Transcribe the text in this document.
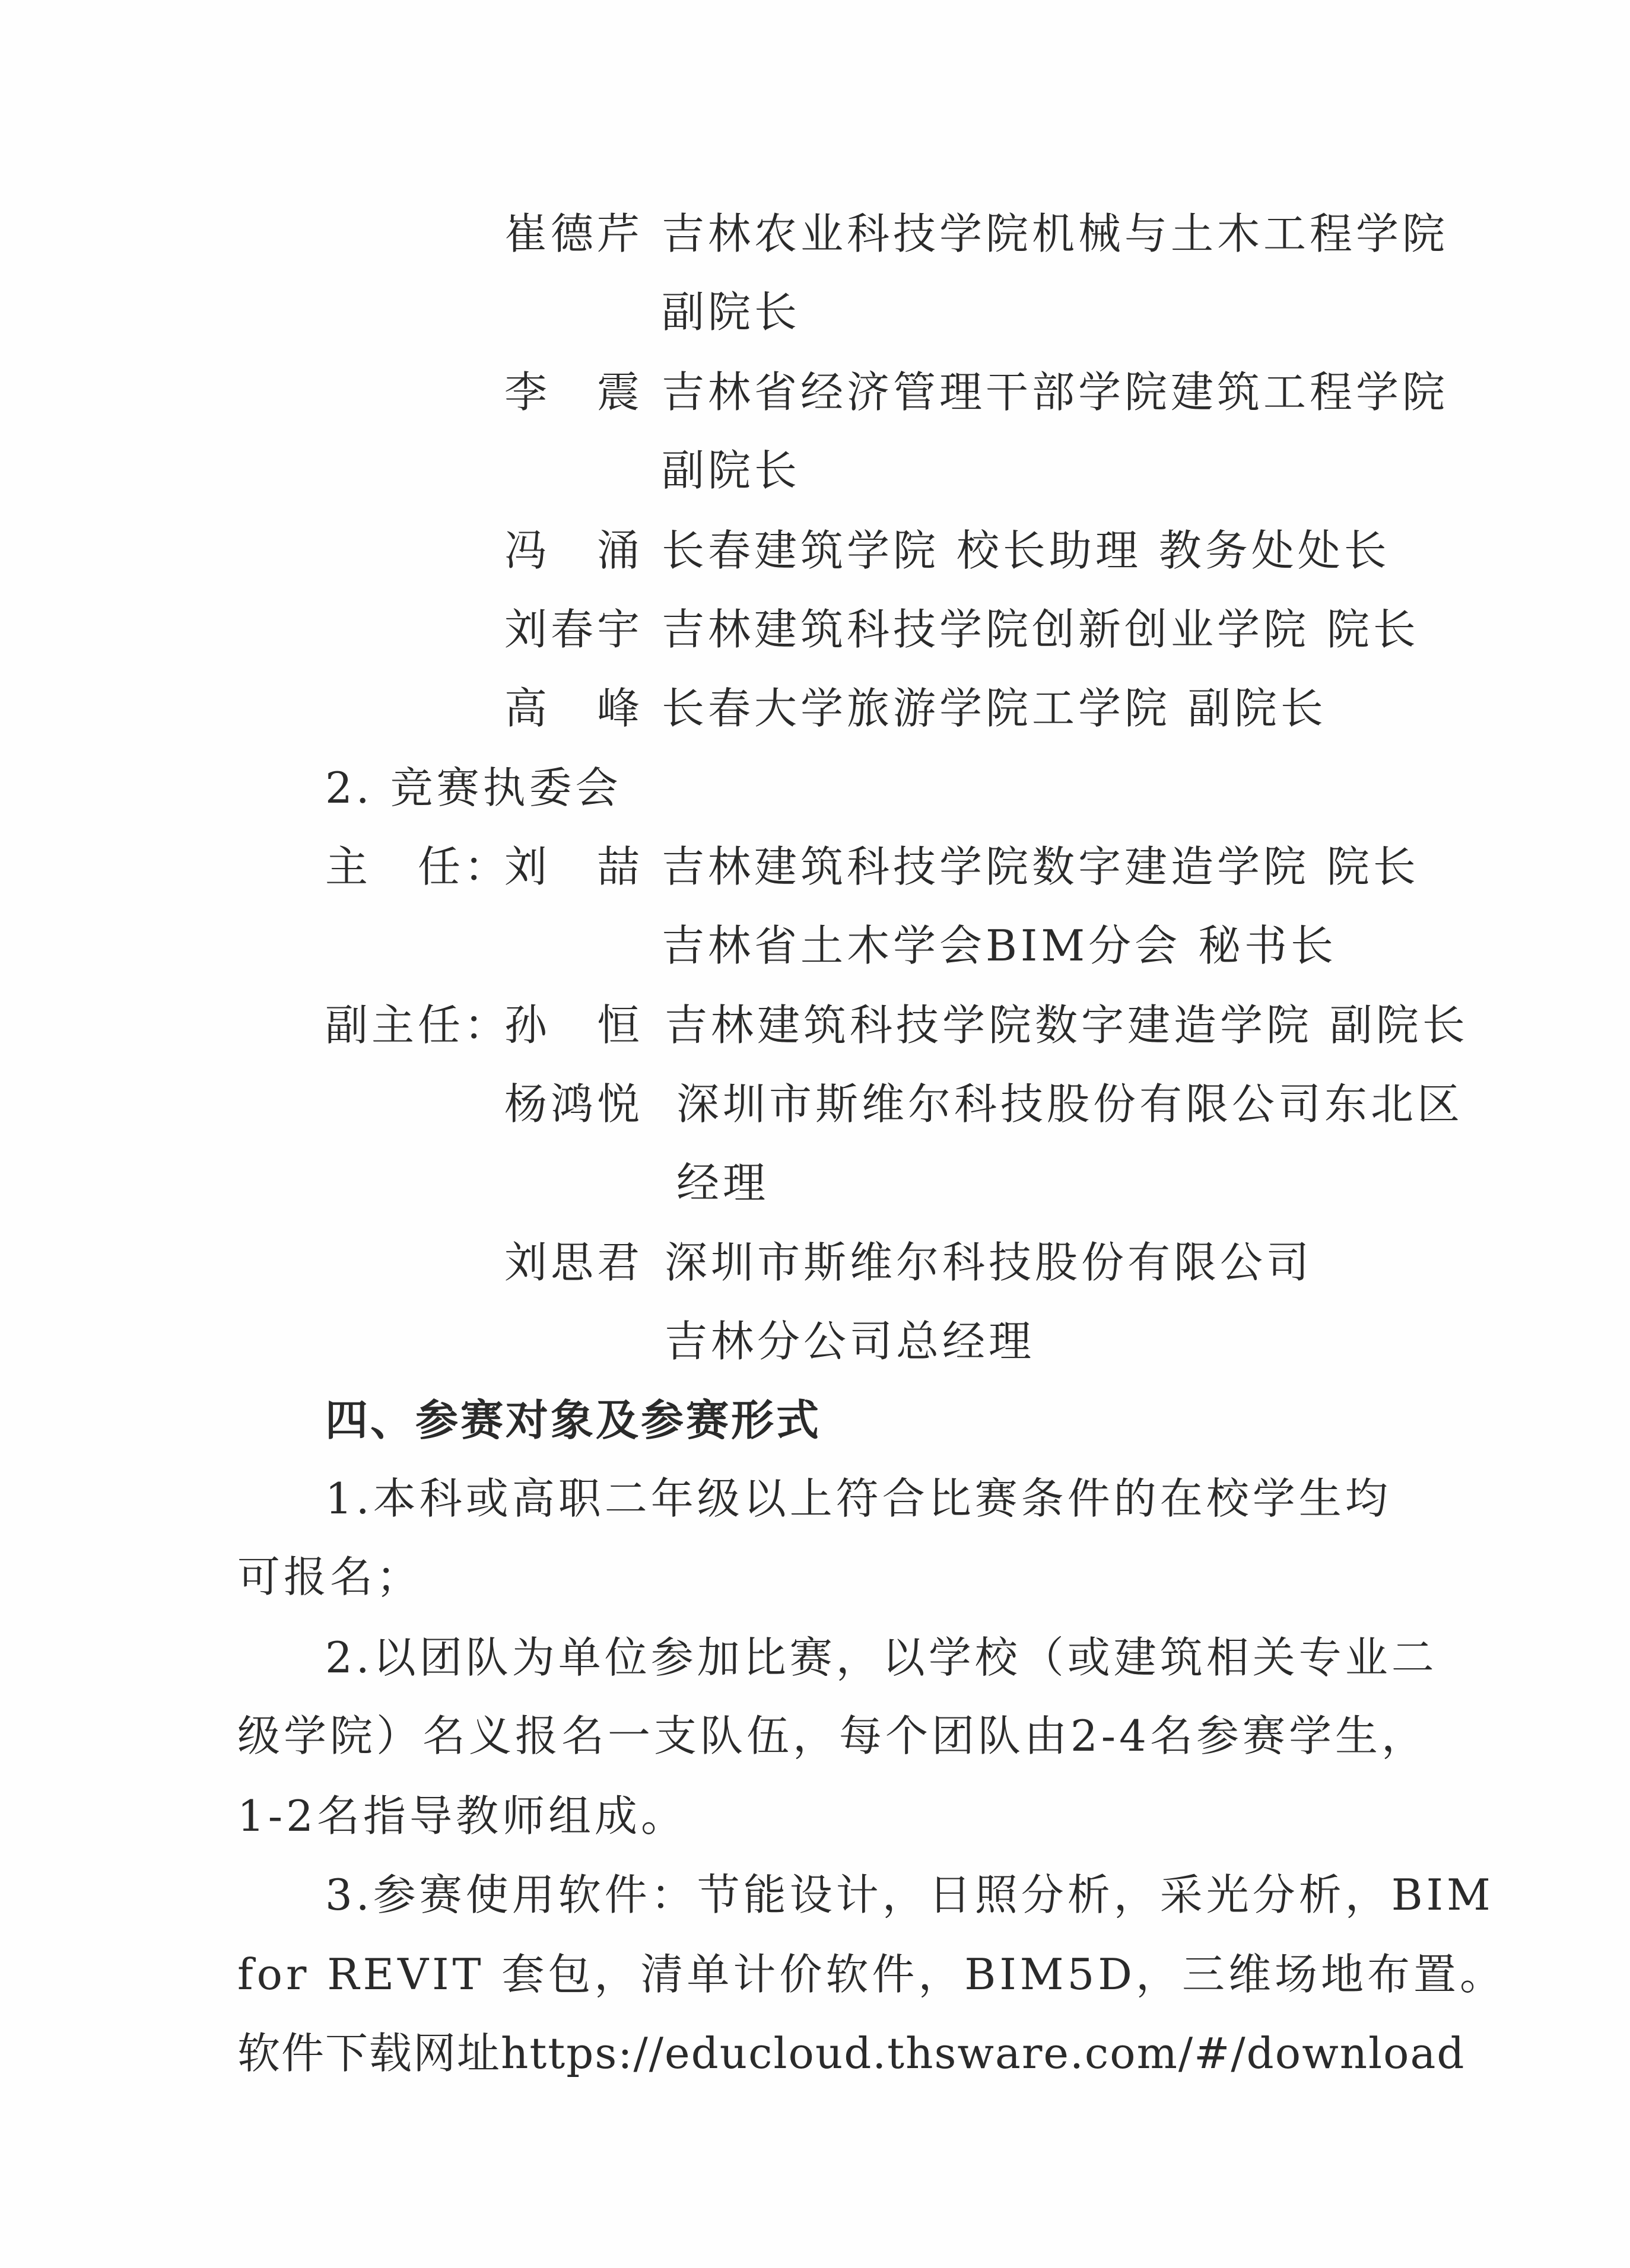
崔德芹 吉林农业科技学院机械与土木工程学院
副院长
李　震 吉林省经济管理干部学院建筑工程学院
副院长
冯　涌 长春建筑学院 校长助理 教务处处长
刘春宇 吉林建筑科技学院创新创业学院 院长
高　峰 长春大学旅游学院工学院 副院长
2. 竞赛执委会
主　任：
刘　喆 吉林建筑科技学院数字建造学院 院长
吉林省土木学会BIM分会 秘书长
副主任：
孙　恒 吉林建筑科技学院数字建造学院 副院长
杨鸿悦 深圳市斯维尔科技股份有限公司东北区
经理
刘思君 深圳市斯维尔科技股份有限公司
吉林分公司总经理
四、参赛对象及参赛形式
1.本科或高职二年级以上符合比赛条件的在校学生均
可报名；
2.以团队为单位参加比赛，以学校（或建筑相关专业二
级学院）名义报名一支队伍，每个团队由2-4名参赛学生，
1-2名指导教师组成。
3.参赛使用软件：节能设计，日照分析，采光分析，BIM
for REVIT 套包，清单计价软件，BIM5D，三维场地布置。
软件下载网址https://educloud.thsware.com/#/download
